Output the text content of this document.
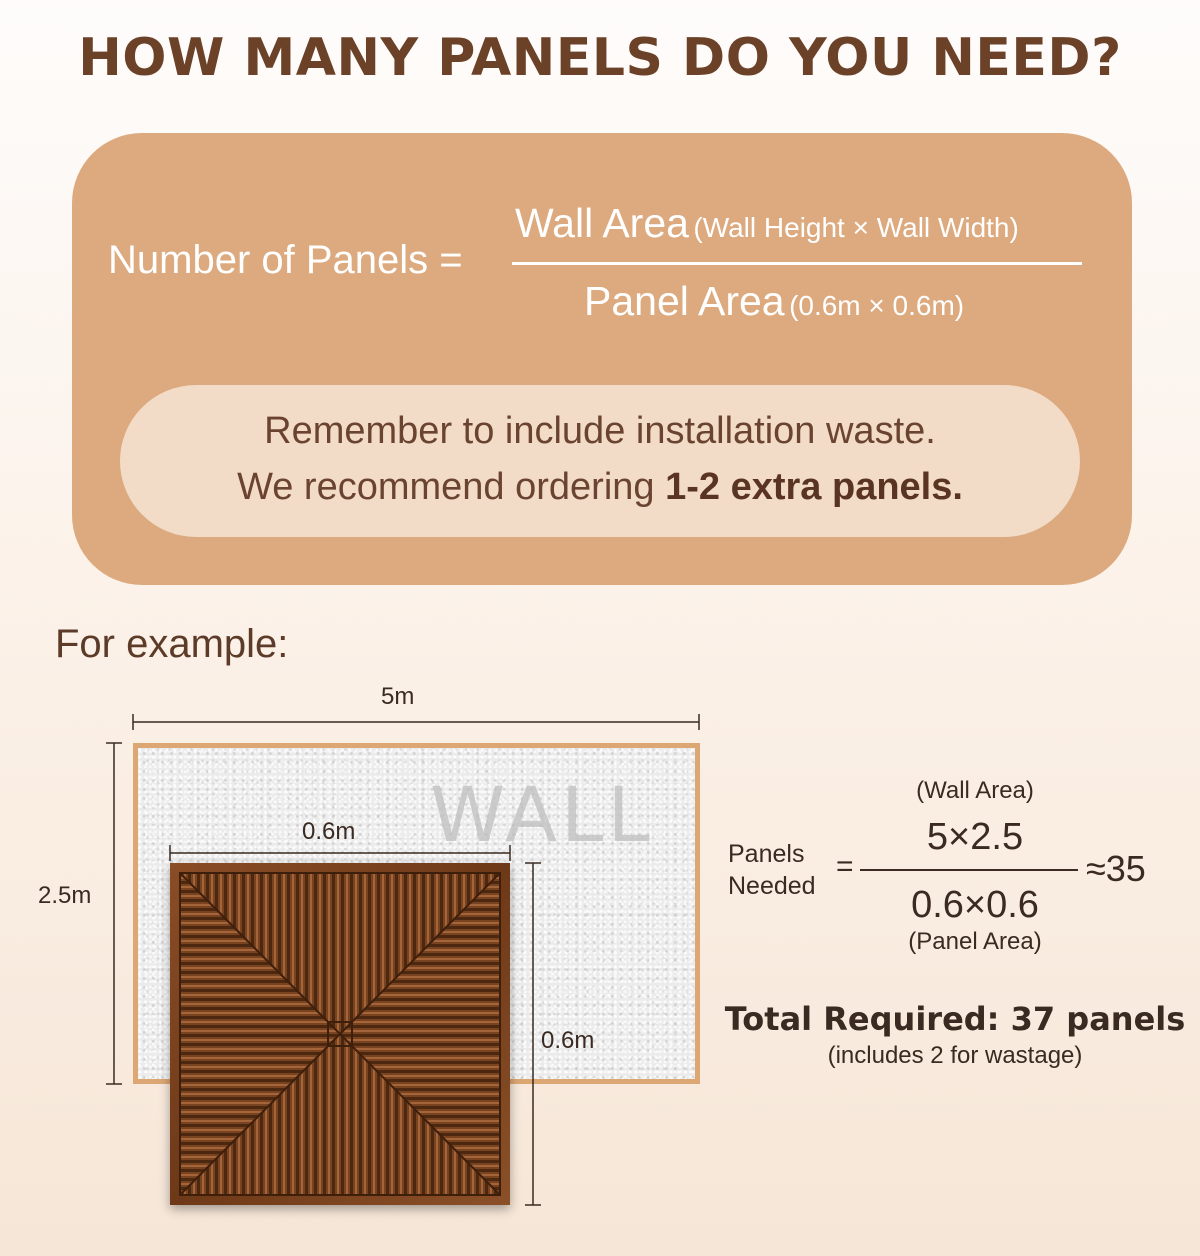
HOW MANY PANELS DO YOU NEED?
Number of Panels =
Wall Area (Wall Height × Wall Width)
Panel Area (0.6m × 0.6m)
Remember to include installation waste.
We recommend ordering 1-2 extra panels.
For example:
5m
2.5m
WALL
0.6m
0.6m
Panels
Needed
=
(Wall Area)
5×2.5
0.6×0.6
(Panel Area)
≈35
Total Required: 37 panels
(includes 2 for wastage)
